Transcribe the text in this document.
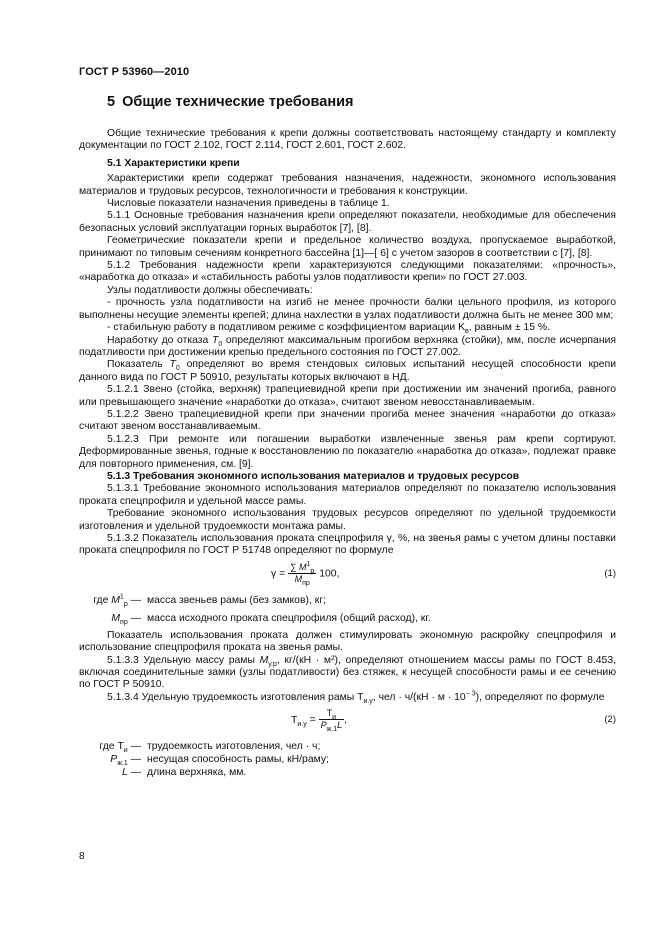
ГОСТ Р 53960—2010
5 Общие технические требования

Общие технические требования к крепи должны соответствовать настоящему стандарту и комплекту документации по ГОСТ 2.102, ГОСТ 2.114, ГОСТ 2.601, ГОСТ 2.602.

5.1 Характеристики крепи

Характеристики крепи содержат требования назначения, надежности, экономного использования материалов и трудовых ресурсов, технологичности и требования к конструкции.

Числовые показатели назначения приведены в таблице 1.

5.1.1 Основные требования назначения крепи определяют показатели, необходимые для обеспечения безопасных условий эксплуатации горных выработок [7], [8].

Геометрические показатели крепи и предельное количество воздуха, пропускаемое выработкой, принимают по типовым сечениям конкретного бассейна [1]—[ 6] с учетом зазоров в соответствии с [7], [8].

5.1.2 Требования надежности крепи характеризуются следующими показателями: «прочность», «наработка до отказа» и «стабильность работы узлов податливости крепи» по ГОСТ 27.003.

Узлы податливости должны обеспечивать:

- прочность узла податливости на изгиб не менее прочности балки цельного профиля, из которого выполнены несущие элементы крепей; длина нахлестки в узлах податливости должна быть не менее 300 мм;

- стабильную работу в податливом режиме с коэффициентом вариации $K_в$, равным ± 15 %.

Наработку до отказа $T_0$ определяют максимальным прогибом верхняка (стойки), мм, после исчерпания податливости при достижении крепью предельного состояния по ГОСТ 27.002.

Показатель $T_0$ определяют во время стендовых силовых испытаний несущей способности крепи данного вида по ГОСТ Р 50910, результаты которых включают в НД.

5.1.2.1 Звено (стойка, верхняк) трапециевидной крепи при достижении им значений прогиба, равного или превышающего значение «наработки до отказа», считают звеном невосстанавливаемым.

5.1.2.2 Звено трапециевидной крепи при значении прогиба менее значения «наработки до отказа» считают звеном восстанавливаемым.

5.1.2.3 При ремонте или погашении выработки извлеченные звенья рам крепи сортируют. Деформированные звенья, годные к восстановлению по показателю «наработка до отказа», подлежат правке для повторного применения, см. [9].

5.1.3 Требования экономного использования материалов и трудовых ресурсов

5.1.3.1 Требование экономного использования материалов определяют по показателю использования проката спецпрофиля и удельной массе рамы.

Требование экономного использования трудовых ресурсов определяют по удельной трудоемкости изготовления и удельной трудоемкости монтажа рамы.

5.1.3.2 Показатель использования проката спецпрофиля γ, %, на звенья рамы с учетом длины поставки проката спецпрофиля по ГОСТ Р 51748 определяют по формуле

$\gamma = \frac{\sum M^1_р}{M_{пр}} 100$,	(1)
где $M^1_р$ — масса звеньев рамы (без замков), кг;
$M_{пр}$ — масса исходного проката спецпрофиля (общий расход), кг.

Показатель использования проката должен стимулировать экономную раскройку спецпрофиля и использование спецпрофиля проката на звенья рамы.

5.1.3.3 Удельную массу рамы $M_{у.р}$, кг/(кН · м²), определяют отношением массы рамы по ГОСТ 8.453, включая соединительные замки (узлы податливости) без стяжек, к несущей способности рамы и ее сечению по ГОСТ Р 50910.

5.1.3.4 Удельную трудоемкость изготовления рамы $Т_{и.у}$, чел · $ч/(кН \cdot м \cdot 10^{- 3})$, определяют по формуле

$Т_{и.у} = \frac{Т_и}{P_{ж.1}L}$ ,	(2)
где $Т_и$ — трудоемкость изготовления, чел · ч;
$P_{ж.1}$ — несущая способность рамы, кН/раму;
L — длина верхняка, мм.
8
